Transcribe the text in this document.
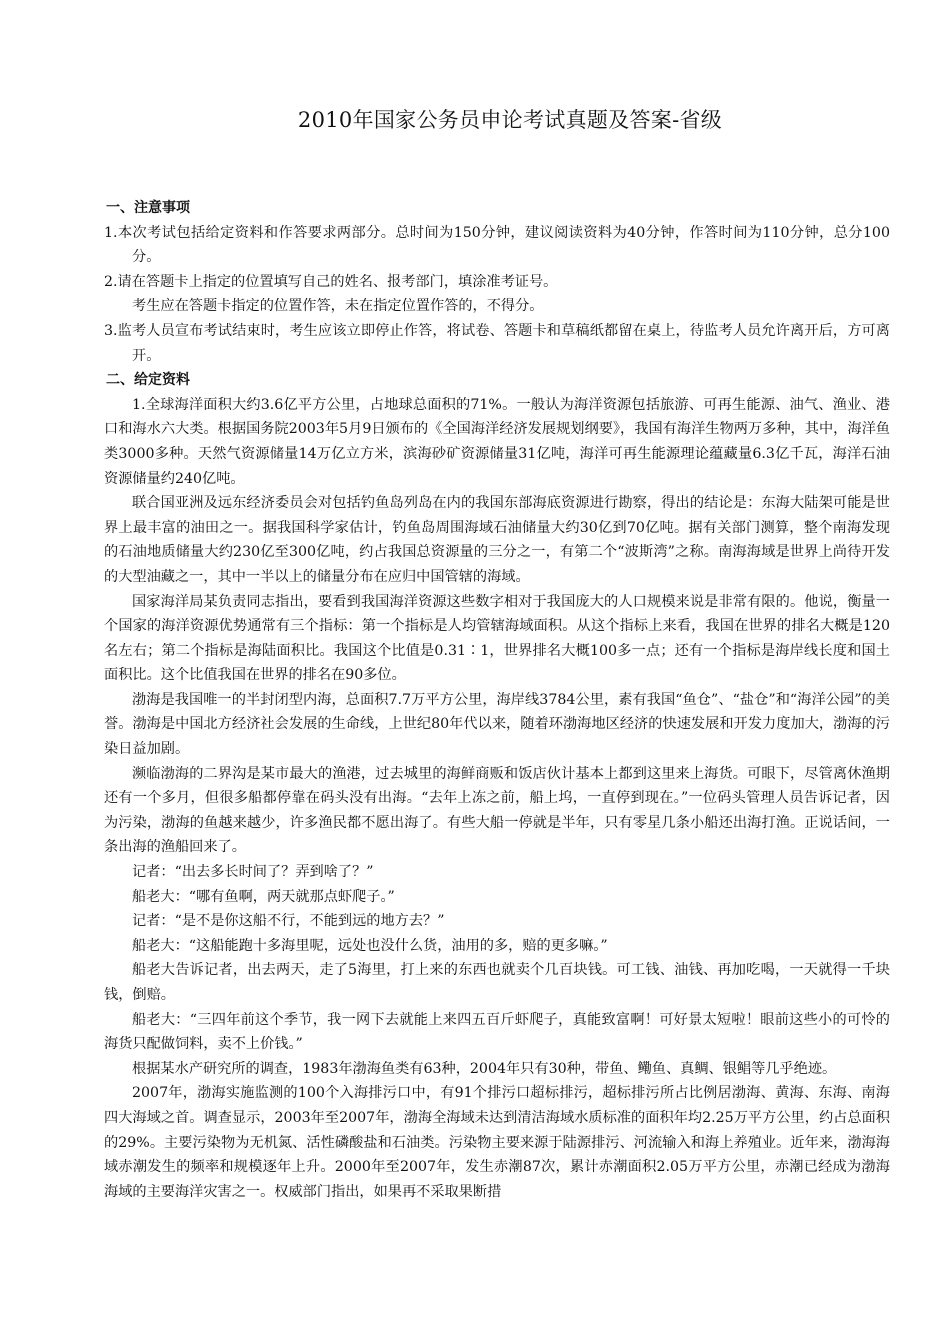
2010年国家公务员申论考试真题及答案-省级

一、注意事项

1.本次考试包括给定资料和作答要求两部分。总时间为150分钟，建议阅读资料为40分钟，作答时间为110分钟，总分100分。

2.请在答题卡上指定的位置填写自己的姓名、报考部门，填涂准考证号。

考生应在答题卡指定的位置作答，未在指定位置作答的，不得分。

3.监考人员宣布考试结束时，考生应该立即停止作答，将试卷、答题卡和草稿纸都留在桌上，待监考人员允许离开后，方可离开。

二、给定资料

1.全球海洋面积大约3.6亿平方公里，占地球总面积的71%。一般认为海洋资源包括旅游、可再生能源、油气、渔业、港口和海水六大类。根据国务院2003年5月9日颁布的《全国海洋经济发展规划纲要》，我国有海洋生物两万多种，其中，海洋鱼类3000多种。天然气资源储量14万亿立方米，滨海砂矿资源储量31亿吨，海洋可再生能源理论蕴藏量6.3亿千瓦，海洋石油资源储量约240亿吨。

联合国亚洲及远东经济委员会对包括钓鱼岛列岛在内的我国东部海底资源进行勘察，得出的结论是：东海大陆架可能是世界上最丰富的油田之一。据我国科学家估计，钓鱼岛周围海域石油储量大约30亿到70亿吨。据有关部门测算，整个南海发现的石油地质储量大约230亿至300亿吨，约占我国总资源量的三分之一，有第二个“波斯湾”之称。南海海域是世界上尚待开发的大型油藏之一，其中一半以上的储量分布在应归中国管辖的海域。

国家海洋局某负责同志指出，要看到我国海洋资源这些数字相对于我国庞大的人口规模来说是非常有限的。他说，衡量一个国家的海洋资源优势通常有三个指标：第一个指标是人均管辖海域面积。从这个指标上来看，我国在世界的排名大概是120名左右；第二个指标是海陆面积比。我国这个比值是0.31∶1，世界排名大概100多一点；还有一个指标是海岸线长度和国土面积比。这个比值我国在世界的排名在90多位。

渤海是我国唯一的半封闭型内海，总面积7.7万平方公里，海岸线3784公里，素有我国“鱼仓”、“盐仓”和“海洋公园”的美誉。渤海是中国北方经济社会发展的生命线，上世纪80年代以来，随着环渤海地区经济的快速发展和开发力度加大，渤海的污染日益加剧。

濒临渤海的二界沟是某市最大的渔港，过去城里的海鲜商贩和饭店伙计基本上都到这里来上海货。可眼下，尽管离休渔期还有一个多月，但很多船都停靠在码头没有出海。“去年上冻之前，船上坞，一直停到现在。”一位码头管理人员告诉记者，因为污染，渤海的鱼越来越少，许多渔民都不愿出海了。有些大船一停就是半年，只有零星几条小船还出海打渔。正说话间，一条出海的渔船回来了。

记者：“出去多长时间了？弄到啥了？”

船老大：“哪有鱼啊，两天就那点虾爬子。”

记者：“是不是你这船不行，不能到远的地方去？”

船老大：“这船能跑十多海里呢，远处也没什么货，油用的多，赔的更多嘛。”

船老大告诉记者，出去两天，走了5海里，打上来的东西也就卖个几百块钱。可工钱、油钱、再加吃喝，一天就得一千块钱，倒赔。

船老大：“三四年前这个季节，我一网下去就能上来四五百斤虾爬子，真能致富啊！可好景太短啦！眼前这些小的可怜的海货只配做饲料，卖不上价钱。”

根据某水产研究所的调查，1983年渤海鱼类有63种，2004年只有30种，带鱼、鳓鱼、真鲷、银鲳等几乎绝迹。

2007年，渤海实施监测的100个入海排污口中，有91个排污口超标排污，超标排污所占比例居渤海、黄海、东海、南海四大海域之首。调查显示，2003年至2007年，渤海全海域未达到清洁海域水质标准的面积年均2.25万平方公里，约占总面积的29%。主要污染物为无机氮、活性磷酸盐和石油类。污染物主要来源于陆源排污、河流输入和海上养殖业。近年来，渤海海域赤潮发生的频率和规模逐年上升。2000年至2007年，发生赤潮87次，累计赤潮面积2.05万平方公里，赤潮已经成为渤海海域的主要海洋灾害之一。权威部门指出，如果再不采取果断措
